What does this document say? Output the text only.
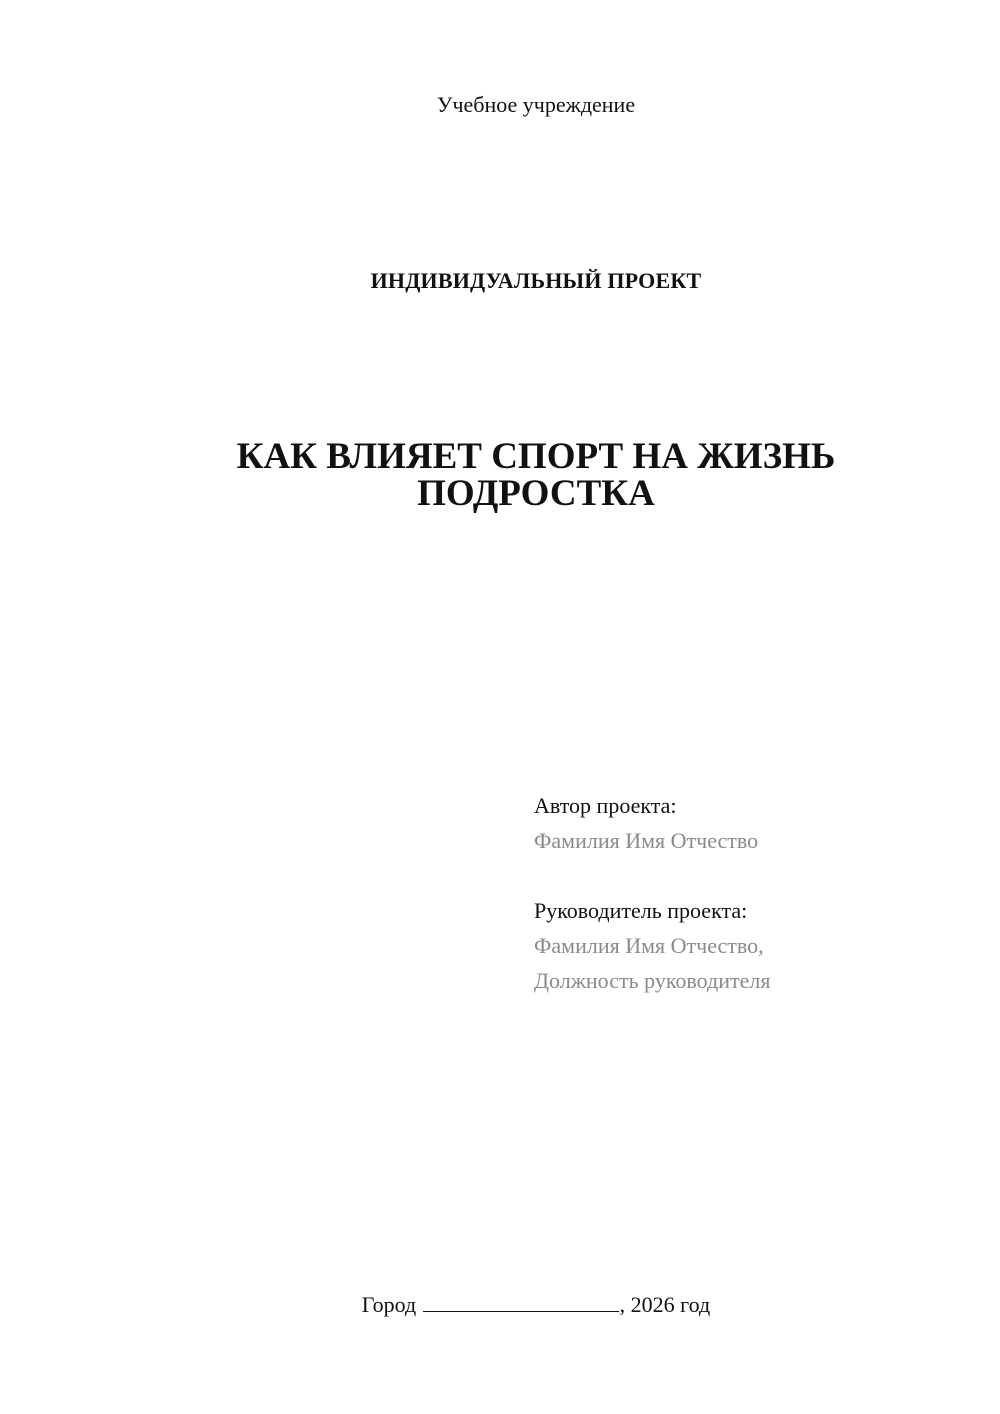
Учебное учреждение
ИНДИВИДУАЛЬНЫЙ ПРОЕКТ
КАК ВЛИЯЕТ СПОРТ НА ЖИЗНЬ
ПОДРОСТКА
Автор проекта:
Фамилия Имя Отчество
Руководитель проекта:
Фамилия Имя Отчество,
Должность руководителя
Город	, 2026 год
